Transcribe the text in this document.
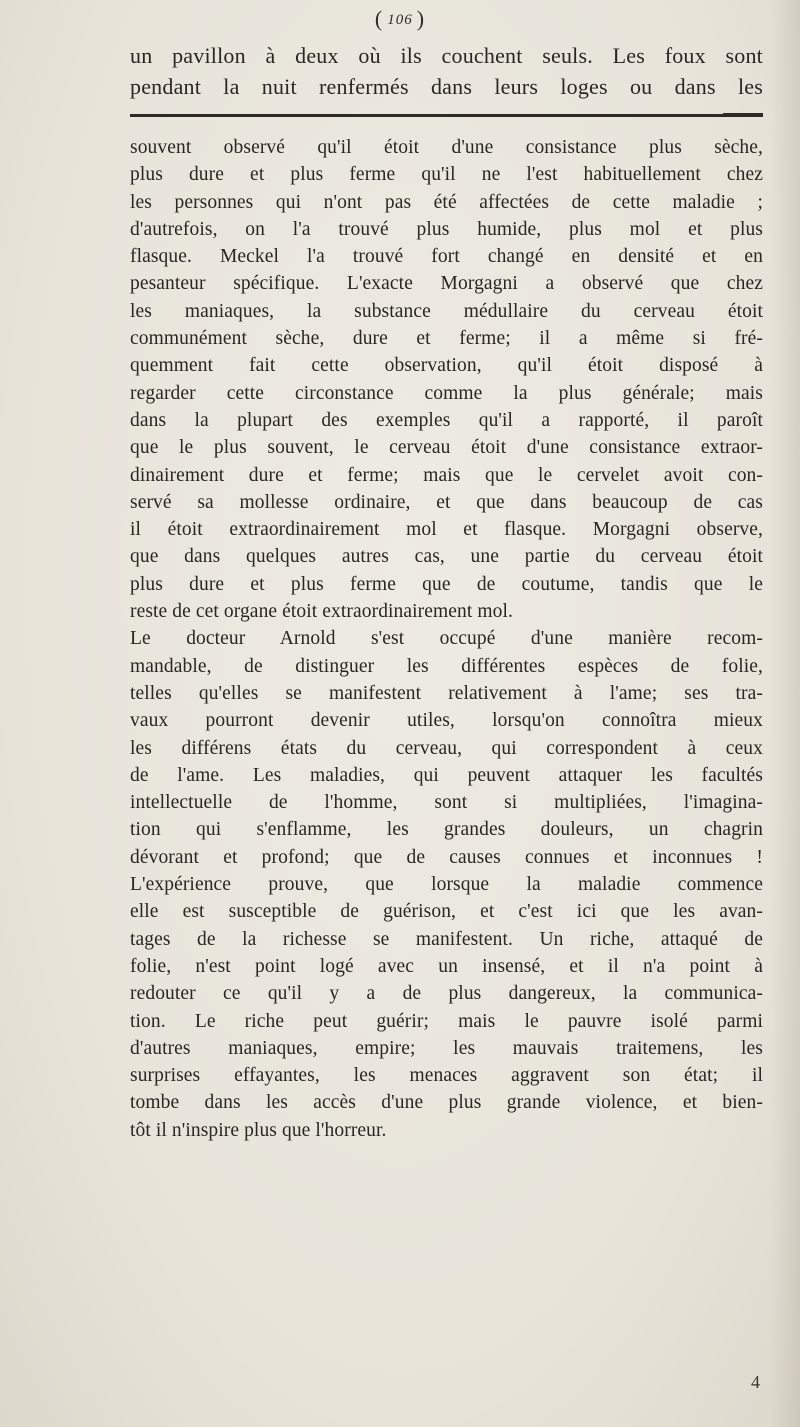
( 106 )
un pavillon à deux où ils couchent seuls. Les foux sont
pendant la nuit renfermés dans leurs loges ou dans les
souvent observé qu'il étoit d'une consistance plus sèche,
plus dure et plus ferme qu'il ne l'est habituellement chez
les personnes qui n'ont pas été affectées de cette maladie ;
d'autrefois, on l'a trouvé plus humide, plus mol et plus
flasque. Meckel l'a trouvé fort changé en densité et en
pesanteur spécifique. L'exacte Morgagni a observé que chez
les maniaques, la substance médullaire du cerveau étoit
communément sèche, dure et ferme; il a même si fré-
quemment fait cette observation, qu'il étoit disposé à
regarder cette circonstance comme la plus générale; mais
dans la plupart des exemples qu'il a rapporté, il paroît
que le plus souvent, le cerveau étoit d'une consistance extraor-
dinairement dure et ferme; mais que le cervelet avoit con-
servé sa mollesse ordinaire, et que dans beaucoup de cas
il étoit extraordinairement mol et flasque. Morgagni observe,
que dans quelques autres cas, une partie du cerveau étoit
plus dure et plus ferme que de coutume, tandis que le
reste de cet organe étoit extraordinairement mol.
Le docteur Arnold s'est occupé d'une manière recom-
mandable, de distinguer les différentes espèces de folie,
telles qu'elles se manifestent relativement à l'ame; ses tra-
vaux pourront devenir utiles, lorsqu'on connoîtra mieux
les différens états du cerveau, qui correspondent à ceux
de l'ame. Les maladies, qui peuvent attaquer les facultés
intellectuelle de l'homme, sont si multipliées, l'imagina-
tion qui s'enflamme, les grandes douleurs, un chagrin
dévorant et profond; que de causes connues et inconnues !
L'expérience prouve, que lorsque la maladie commence
elle est susceptible de guérison, et c'est ici que les avan-
tages de la richesse se manifestent. Un riche, attaqué de
folie, n'est point logé avec un insensé, et il n'a point à
redouter ce qu'il y a de plus dangereux, la communica-
tion. Le riche peut guérir; mais le pauvre isolé parmi
d'autres maniaques, empire; les mauvais traitemens, les
surprises effayantes, les menaces aggravent son état; il
tombe dans les accès d'une plus grande violence, et bien-
tôt il n'inspire plus que l'horreur.
4
